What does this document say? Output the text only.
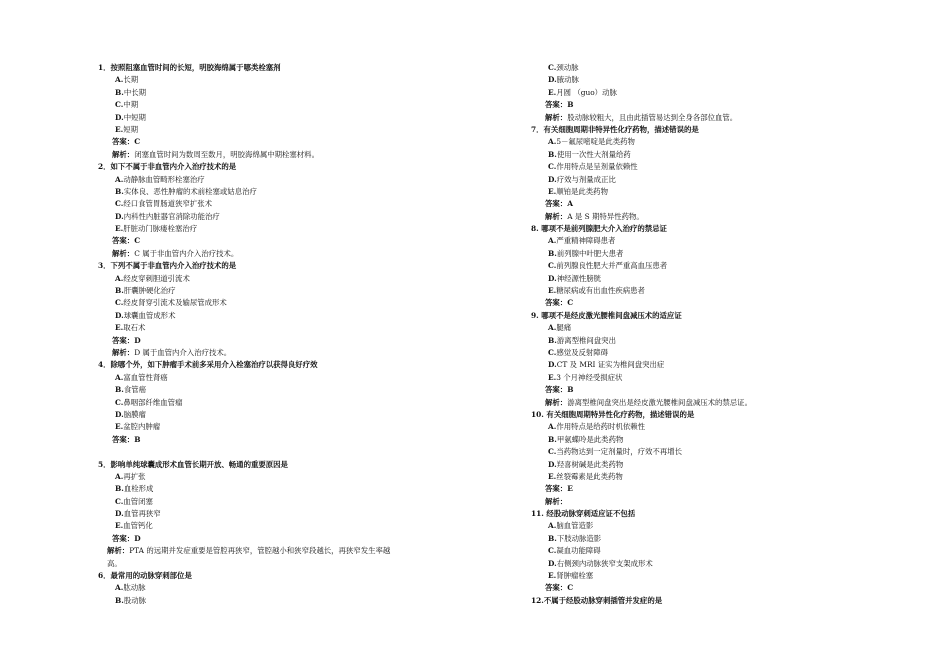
1．按照阻塞血管时间的长短，明胶海绵属于哪类栓塞剂
A.长期
B.中长期
C.中期
D.中短期
E.短期
答案：C
解析：闭塞血管时间为数周至数月，明胶海绵属中期栓塞材料。
2．如下不属于非血管内介入治疗技术的是
A.动静脉血管畸形栓塞治疗
B.实体良、恶性肿瘤的术前栓塞或姑息治疗
C.经口食管胃肠道狭窄扩张术
D.内科性内脏器官消除功能治疗
E.肝脏动门脉瘘栓塞治疗
答案：C
解析：C 属于非血管内介入治疗技术。
3．下列不属于非血管内介入治疗技术的是
A.经皮穿刺胆道引流术
B.肝囊肿硬化治疗
C.经皮肾穿引流术及输尿管成形术
D.球囊血管成形术
E.取石术
答案：D
解析：D 属于血管内介入治疗技术。
4．除哪个外，如下肿瘤手术前多采用介入栓塞治疗以获得良好疗效
A.富血管性肾癌
B.食管癌
C.鼻咽部纤维血管瘤
D.脑膜瘤
E.盆腔内肿瘤
答案：B
5．影响单纯球囊成形术血管长期开放、畅通的重要原因是
A.再扩张
B.血栓形成
C.血管闭塞
D.血管再狭窄
E.血管钙化
答案：D
解析：PTA 的远期并发症重要是管腔再狭窄，管腔越小和狭窄段越长，再狭窄发生率越
高。
6．最常用的动脉穿刺部位是
A.肱动脉
B.股动脉
C.颈动脉
D.腋动脉
E.月圆 （guo）动脉
答案：B
解析：股动脉较粗大，且由此插管易达到全身各部位血管。
7．有关细胞周期非特异性化疗药物，描述错误的是
A.5－氟尿嘧啶是此类药物
B.使用一次性大剂量给药
C.作用特点是呈剂量依赖性
D.疗效与剂量成正比
E.顺铂是此类药物
答案：A
解析：A 是 S 期特异性药物。
8. 哪项不是前列腺肥大介入治疗的禁忌证
A.严重精神障碍患者
B.前列腺中叶肥大患者
C.前列腺良性肥大并严重高血压患者
D.神经源性膀胱
E.糖尿病或有出血性疾病患者
答案：C
9. 哪项不是经皮激光腰椎间盘减压术的适应证
A.腿痛
B.游离型椎间盘突出
C.感觉及反射障碍
D.CT 及 MRI 证实为椎间盘突出症
E.3 个月神经受损症状
答案：B
解析：游离型椎间盘突出是经皮激光腰椎间盘减压术的禁忌证。
10. 有关细胞周期特异性化疗药物，描述错误的是
A.作用特点是给药时机依赖性
B.甲氨蝶呤是此类药物
C.当药物达到一定剂量时，疗效不再增长
D.羟喜树碱是此类药物
E.丝裂霉素是此类药物
答案：E
解析：
11. 经股动脉穿刺适应证不包括
A.脑血管造影
B.下肢动脉造影
C.凝血功能障碍
D.右侧颈内动脉狭窄支架成形术
E.肾肿瘤栓塞
答案：C
12.不属于经股动脉穿刺插管并发症的是
